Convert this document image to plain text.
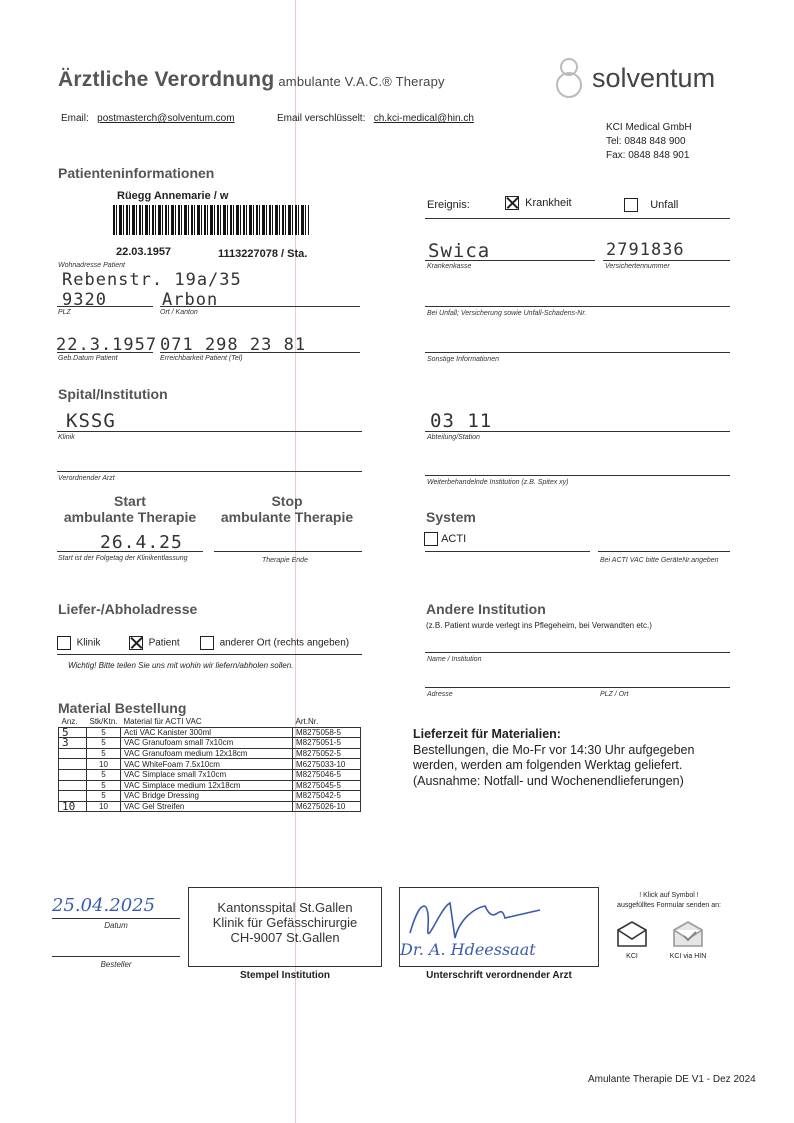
Ärztliche Verordnung ambulante V.A.C.® Therapy	solventum
Email: postmasterch@solventum.com	Email verschlüsselt: ch.kci-medical@hin.ch
KCI Medical GmbH
Tel: 0848 848 900
Fax: 0848 848 901
Patienteninformationen
Rüegg Annemarie / w
22.03.1957	1113227078 / Sta.
Wohnadresse Patient
Rebenstr. 19a/35
9320	Arbon
PLZ	Ort / Kanton
22.3.1957 071 298 23 81
Geb.Datum Patient	Erreichbarkeit Patient (Tel)
Ereignis:	Krankheit	Unfall
Swica	2791836
Krankenkasse	Versichertennummer
Bei Unfall; Versicherung sowie Unfall-Schadens-Nr.
Sonstige Informationen
Spital/Institution
KSSG
Klinik
Verordnender Arzt
03 11
Abteilung/Station
Weiterbehandelnde Institution (z.B. Spitex xy)
Start
ambulante Therapie
Stop
ambulante Therapie
26.4.25
Start ist der Folgetag der Klinikentlassung	Therapie Ende
System
ACTI
Bei ACTI VAC bitte GeräteNr.angeben
Liefer-/Abholadresse
Klinik	Patient	anderer Ort (rechts angeben)
Wichtig! Bitte teilen Sie uns mit wohin wir liefern/abholen sollen.
Andere Institution
(z.B. Patient wurde verlegt ins Pflegeheim, bei Verwandten etc.)
Name / Institution
Adresse	PLZ / Ort
Material Bestellung
Anz.	Stk/Ktn.	Material für ACTI VAC	Art.Nr.
5	5	Acti VAC Kanister 300ml	M8275058-5
3	5	VAC Granufoam small 7x10cm	M8275051-5
	5	VAC Granufoam medium 12x18cm	M8275052-5
	10	VAC WhiteFoam 7.5x10cm	M6275033-10
	5	VAC Simplace small 7x10cm	M8275046-5
	5	VAC Simplace medium 12x18cm	M8275045-5
	5	VAC Bridge Dressing	M8275042-5
10	10	VAC Gel Streifen	M6275026-10
Lieferzeit für Materialien:
Bestellungen, die Mo-Fr vor 14:30 Uhr aufgegeben
werden, werden am folgenden Werktag geliefert.
(Ausnahme: Notfall- und Wochenendlieferungen)
25.04.2025
Datum
Besteller
Kantonsspital St.Gallen
Klinik für Gefässchirurgie
CH-9007 St.Gallen
Stempel Institution
Dr. A. Hdeessaat
Unterschrift verordnender Arzt
! Klick auf Symbol !
ausgefülltes Formular senden an:
KCI	KCI via HIN
Amulante Therapie DE V1 - Dez 2024
